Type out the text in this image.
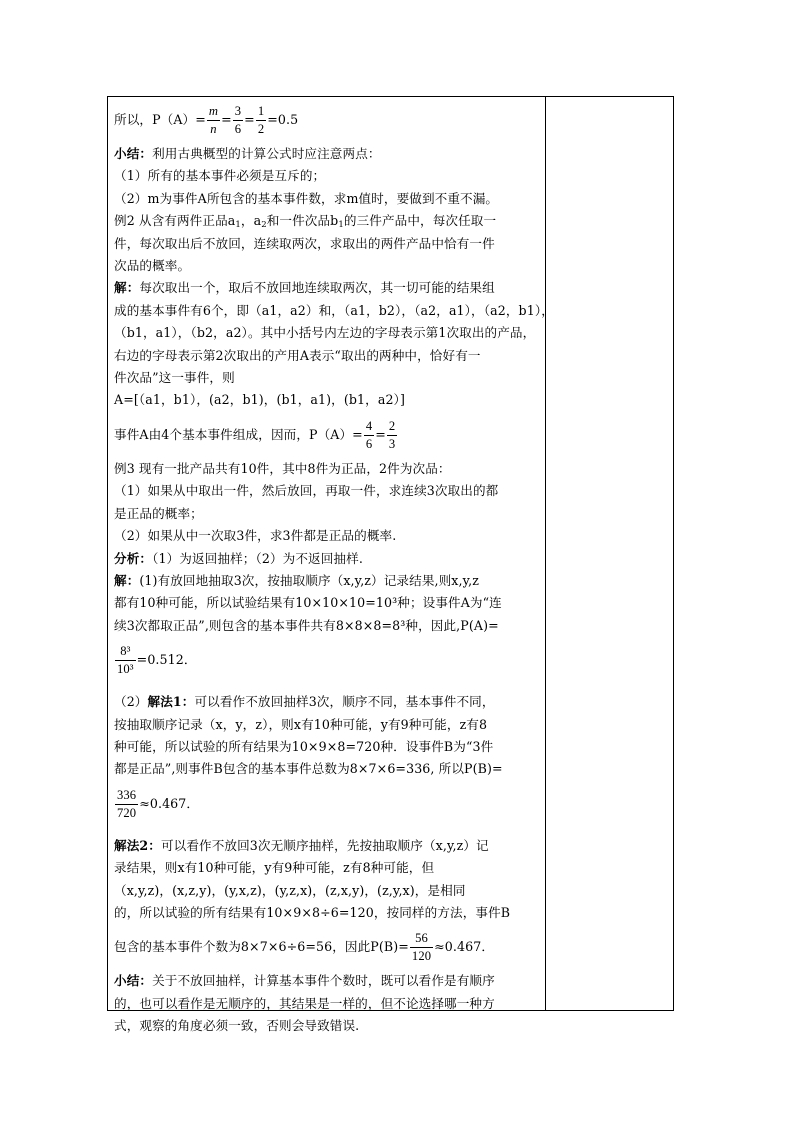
所以，$P(A)= \frac{m}{n} = \frac{3}{6} = \frac{1}{2} =0.5$

小结：利用古典概型的计算公式时应注意两点：

（1）所有的基本事件必须是互斥的；

（2）m为事件A所包含的基本事件数，求m值时，要做到不重不漏。

例2 从含有两件正品$a_1$，$a_2$和一件次品$b_1$的三件产品中，每次任取一

件，每次取出后不放回，连续取两次，求取出的两件产品中恰有一件

次品的概率。

解：每次取出一个，取后不放回地连续取两次，其一切可能的结果组

成的基本事件有6个，即（a1，a2）和，（a1，b2），（a2，a1），（a2，b1），

（b1，a1），（b2，a2）。其中小括号内左边的字母表示第1次取出的产品，

右边的字母表示第2次取出的产用A表示“取出的两种中，恰好有一

件次品”这一事件，则

A=[（a1，b1），(a2，b1)，(b1，a1)，(b1，a2）]

事件A由4个基本事件组成，因而，$P(A)= \frac{4}{6} = \frac{2}{3}$

例3 现有一批产品共有10件，其中8件为正品，2件为次品：

（1）如果从中取出一件，然后放回，再取一件，求连续3次取出的都

是正品的概率；

（2）如果从中一次取3件，求3件都是正品的概率.

分析：（1）为返回抽样；（2）为不返回抽样.

解：(1)有放回地抽取3次，按抽取顺序（x,y,z）记录结果,则x,y,z

都有10种可能，所以试验结果有10×10×10=10³种；设事件A为“连

续3次都取正品”,则包含的基本事件共有8×8×8=8³种，因此,P(A)=

$\frac{\text{8³}}{\text{10³}} =0.512$．

（2）解法1：可以看作不放回抽样3次，顺序不同，基本事件不同，

按抽取顺序记录（x，y，z），则x有10种可能，y有9种可能，z有8

种可能，所以试验的所有结果为10×9×8=720种．设事件B为“3件

都是正品”,则事件B包含的基本事件总数为8×7×6=336, 所以P(B)=

$\frac{336}{720} \approx 0.467$．

解法2：可以看作不放回3次无顺序抽样，先按抽取顺序（x,y,z）记

录结果，则x有10种可能，y有9种可能，z有8种可能，但

（x,y,z)，(x,z,y)，(y,x,z)，(y,z,x)，(z,x,y)，(z,y,x)，是相同

的，所以试验的所有结果有10×9×8÷6=120，按同样的方法，事件B

包含的基本事件个数为8×7×6÷6=56，因此$P(B)= \frac{56}{120} \approx 0.467$．

小结：关于不放回抽样，计算基本事件个数时，既可以看作是有顺序

的，也可以看作是无顺序的，其结果是一样的，但不论选择哪一种方

式，观察的角度必须一致，否则会导致错误.
